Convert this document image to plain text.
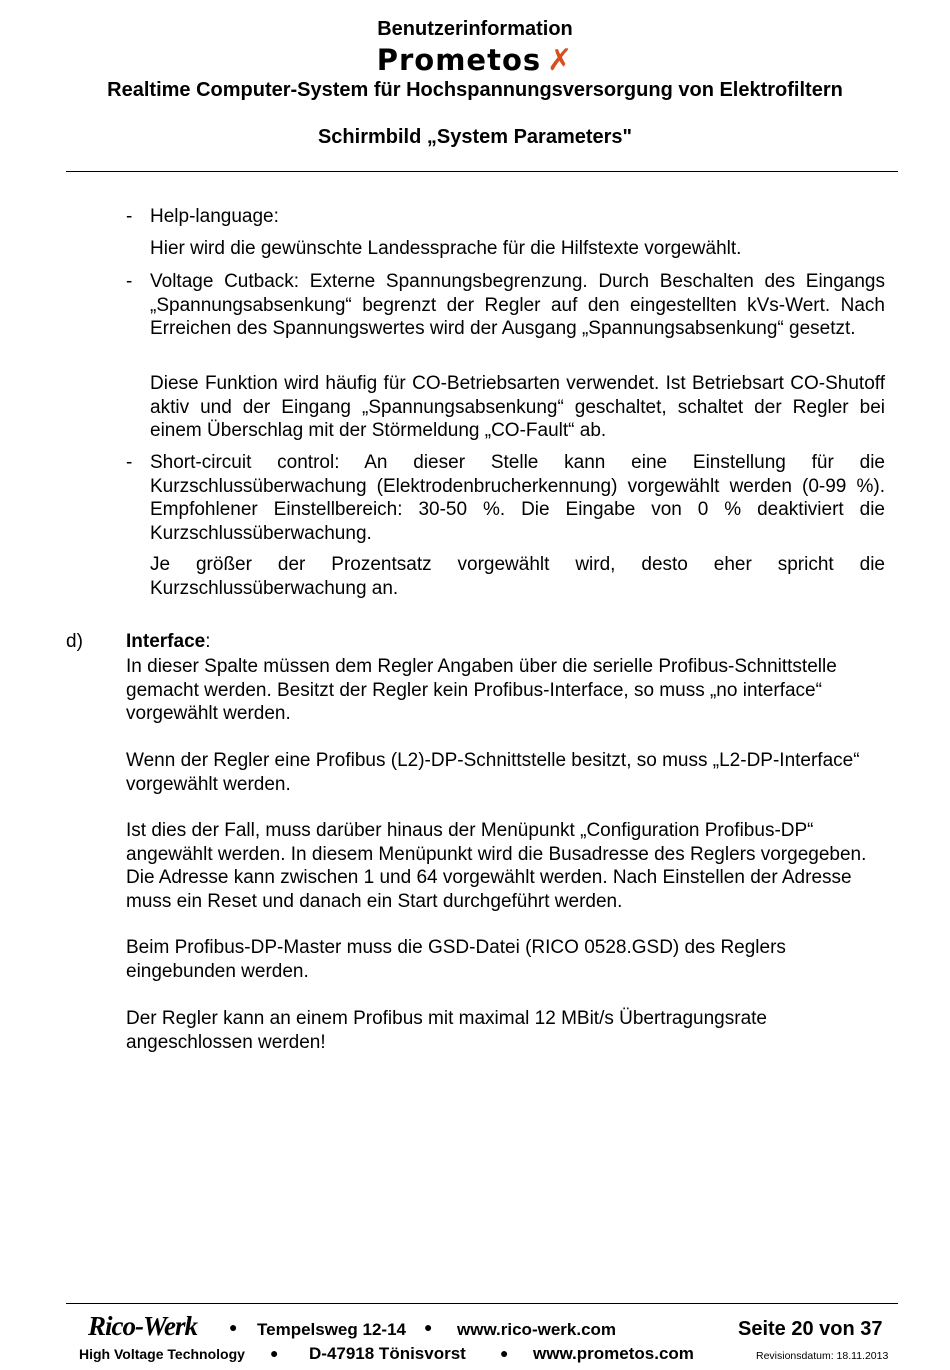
Benutzerinformation
Prometos ✗
Realtime Computer-System für Hochspannungsversorgung von Elektrofiltern
Schirmbild „System Parameters"
- Help-language:
Hier wird die gewünschte Landessprache für die Hilfstexte vorgewählt.
- Voltage Cutback: Externe Spannungsbegrenzung. Durch Beschalten des Eingangs „Spannungsabsenkung“ begrenzt der Regler auf den eingestellten kVs-Wert. Nach Erreichen des Spannungswertes wird der Ausgang „Spannungsabsenkung“ gesetzt.
Diese Funktion wird häufig für CO-Betriebsarten verwendet. Ist Betriebsart CO-Shutoff aktiv und der Eingang „Spannungsabsenkung“ geschaltet, schaltet der Regler bei einem Überschlag mit der Störmeldung „CO-Fault“ ab.
- Short-circuit control: An dieser Stelle kann eine Einstellung für die Kurzschlussüberwachung (Elektrodenbrucherkennung) vorgewählt werden (0-99 %). Empfohlener Einstellbereich: 30-50 %. Die Eingabe von 0 % deaktiviert die Kurzschlussüberwachung.
Je größer der Prozentsatz vorgewählt wird, desto eher spricht die Kurzschlussüberwachung an.
d) Interface:
In dieser Spalte müssen dem Regler Angaben über die serielle Profibus-Schnittstelle gemacht werden. Besitzt der Regler kein Profibus-Interface, so muss „no interface“ vorgewählt werden.
Wenn der Regler eine Profibus (L2)-DP-Schnittstelle besitzt, so muss „L2-DP-Interface“ vorgewählt werden.
Ist dies der Fall, muss darüber hinaus der Menüpunkt „Configuration Profibus-DP“ angewählt werden. In diesem Menüpunkt wird die Busadresse des Reglers vorgegeben. Die Adresse kann zwischen 1 und 64 vorgewählt werden. Nach Einstellen der Adresse muss ein Reset und danach ein Start durchgeführt werden.
Beim Profibus-DP-Master muss die GSD-Datei (RICO 0528.GSD) des Reglers eingebunden werden.
Der Regler kann an einem Profibus mit maximal 12 MBit/s Übertragungsrate angeschlossen werden!
Rico-Werk ● Tempelsweg 12-14 ● www.rico-werk.com	Seite 20 von 37
High Voltage Technology ● D-47918 Tönisvorst ● www.prometos.com	Revisionsdatum: 18.11.2013
